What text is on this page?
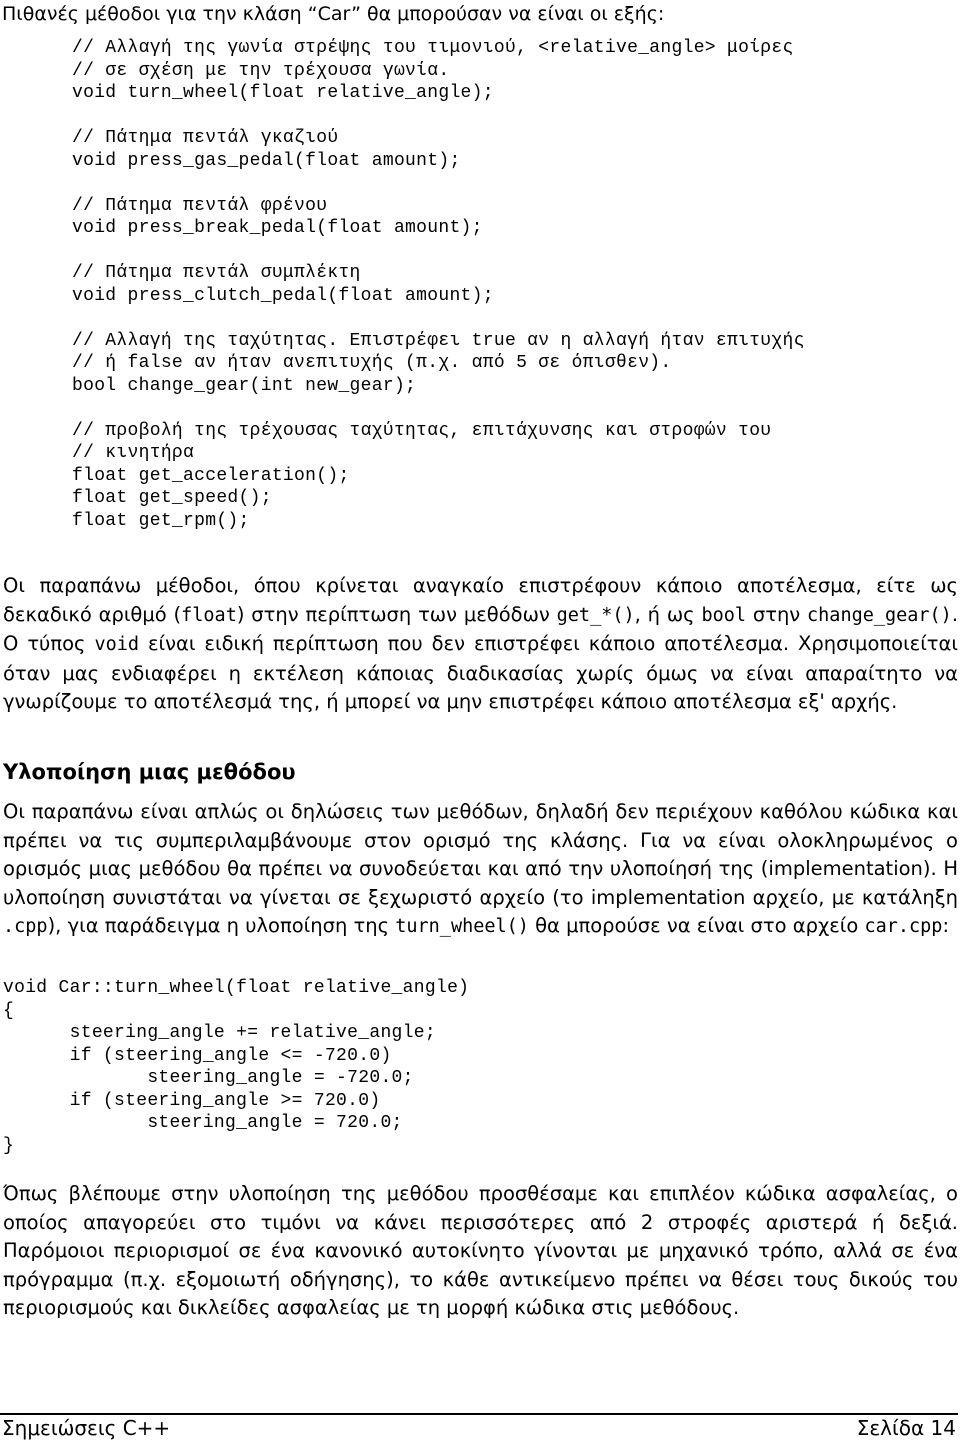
Πιθανές μέθοδοι για την κλάση “Car” θα μπορούσαν να είναι οι εξής:
// Αλλαγή της γωνία στρέψης του τιμονιού, <relative_angle> μοίρες
// σε σχέση με την τρέχουσα γωνία.
void turn_wheel(float relative_angle);
// Πάτημα πεντάλ γκαζιού
void press_gas_pedal(float amount);
// Πάτημα πεντάλ φρένου
void press_break_pedal(float amount);
// Πάτημα πεντάλ συμπλέκτη
void press_clutch_pedal(float amount);
// Αλλαγή της ταχύτητας. Επιστρέφει true αν η αλλαγή ήταν επιτυχής
// ή false αν ήταν ανεπιτυχής (π.χ. από 5 σε όπισθεν).
bool change_gear(int new_gear);
// προβολή της τρέχουσας ταχύτητας, επιτάχυνσης και στροφών του
// κινητήρα
float get_acceleration();
float get_speed();
float get_rpm();

Οι παραπάνω μέθοδοι, όπου κρίνεται αναγκαίο επιστρέφουν κάποιο αποτέλεσμα, είτε ως δεκαδικό αριθμό (float) στην περίπτωση των μεθόδων get_*(), ή ως bool στην change_gear(). Ο τύπος void είναι ειδική περίπτωση που δεν επιστρέφει κάποιο αποτέλεσμα. Χρησιμοποιείται όταν μας ενδιαφέρει η εκτέλεση κάποιας διαδικασίας χωρίς όμως να είναι απαραίτητο να γνωρίζουμε το αποτέλεσμά της, ή μπορεί να μην επιστρέφει κάποιο αποτέλεσμα εξ' αρχής.

Υλοποίηση μιας μεθόδου

Οι παραπάνω είναι απλώς οι δηλώσεις των μεθόδων, δηλαδή δεν περιέχουν καθόλου κώδικα και πρέπει να τις συμπεριλαμβάνουμε στον ορισμό της κλάσης. Για να είναι ολοκληρωμένος ο ορισμός μιας μεθόδου θα πρέπει να συνοδεύεται και από την υλοποίησή της (implementation). Η υλοποίηση συνιστάται να γίνεται σε ξεχωριστό αρχείο (το implementation αρχείο, με κατάληξη .cpp), για παράδειγμα η υλοποίηση της turn_wheel() θα μπορούσε να είναι στο αρχείο car.cpp:

void Car::turn_wheel(float relative_angle)
{
steering_angle += relative_angle;
if (steering_angle <= -720.0)
steering_angle = -720.0;
if (steering_angle >= 720.0)
steering_angle = 720.0;
}

Όπως βλέπουμε στην υλοποίηση της μεθόδου προσθέσαμε και επιπλέον κώδικα ασφαλείας, ο οποίος απαγορεύει στο τιμόνι να κάνει περισσότερες από 2 στροφές αριστερά ή δεξιά. Παρόμοιοι περιορισμοί σε ένα κανονικό αυτοκίνητο γίνονται με μηχανικό τρόπο, αλλά σε ένα πρόγραμμα (π.χ. εξομοιωτή οδήγησης), το κάθε αντικείμενο πρέπει να θέσει τους δικούς του περιορισμούς και δικλείδες ασφαλείας με τη μορφή κώδικα στις μεθόδους.

Σημειώσεις C++	Σελίδα 14
